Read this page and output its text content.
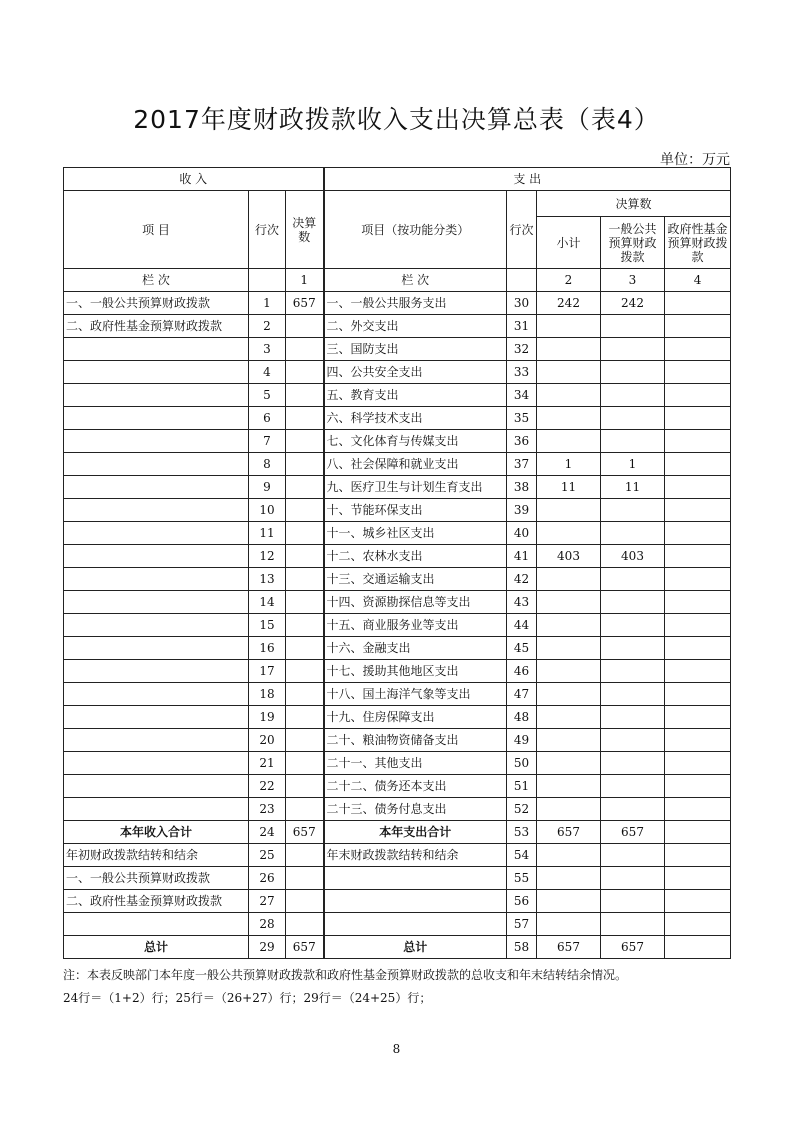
2017年度财政拨款收入支出决算总表（表4）
单位：万元
收 入			支 出				
项 目	行次	决算数	项目（按功能分类）	行次	决算数		
					小计	一般公共预算财政拨款	政府性基金预算财政拨款
栏 次		1	栏 次		2	3	4
一、一般公共预算财政拨款	1	657	一、一般公共服务支出	30	242	242	
二、政府性基金预算财政拨款	2		二、外交支出	31			
	3		三、国防支出	32			
	4		四、公共安全支出	33			
	5		五、教育支出	34			
	6		六、科学技术支出	35			
	7		七、文化体育与传媒支出	36			
	8		八、社会保障和就业支出	37	1	1	
	9		九、医疗卫生与计划生育支出	38	11	11	
	10		十、节能环保支出	39			
	11		十一、城乡社区支出	40			
	12		十二、农林水支出	41	403	403	
	13		十三、交通运输支出	42			
	14		十四、资源勘探信息等支出	43			
	15		十五、商业服务业等支出	44			
	16		十六、金融支出	45			
	17		十七、援助其他地区支出	46			
	18		十八、国土海洋气象等支出	47			
	19		十九、住房保障支出	48			
	20		二十、粮油物资储备支出	49			
	21		二十一、其他支出	50			
	22		二十二、债务还本支出	51			
	23		二十三、债务付息支出	52			
本年收入合计	24	657	本年支出合计	53	657	657	
年初财政拨款结转和结余	25		年末财政拨款结转和结余	54			
一、一般公共预算财政拨款	26			55			
二、政府性基金预算财政拨款	27			56			
	28			57			
总计	29	657	总计	58	657	657	
注：本表反映部门本年度一般公共预算财政拨款和政府性基金预算财政拨款的总收支和年末结转结余情况。
24行＝（1+2）行；25行＝（26+27）行；29行＝（24+25）行；
8
